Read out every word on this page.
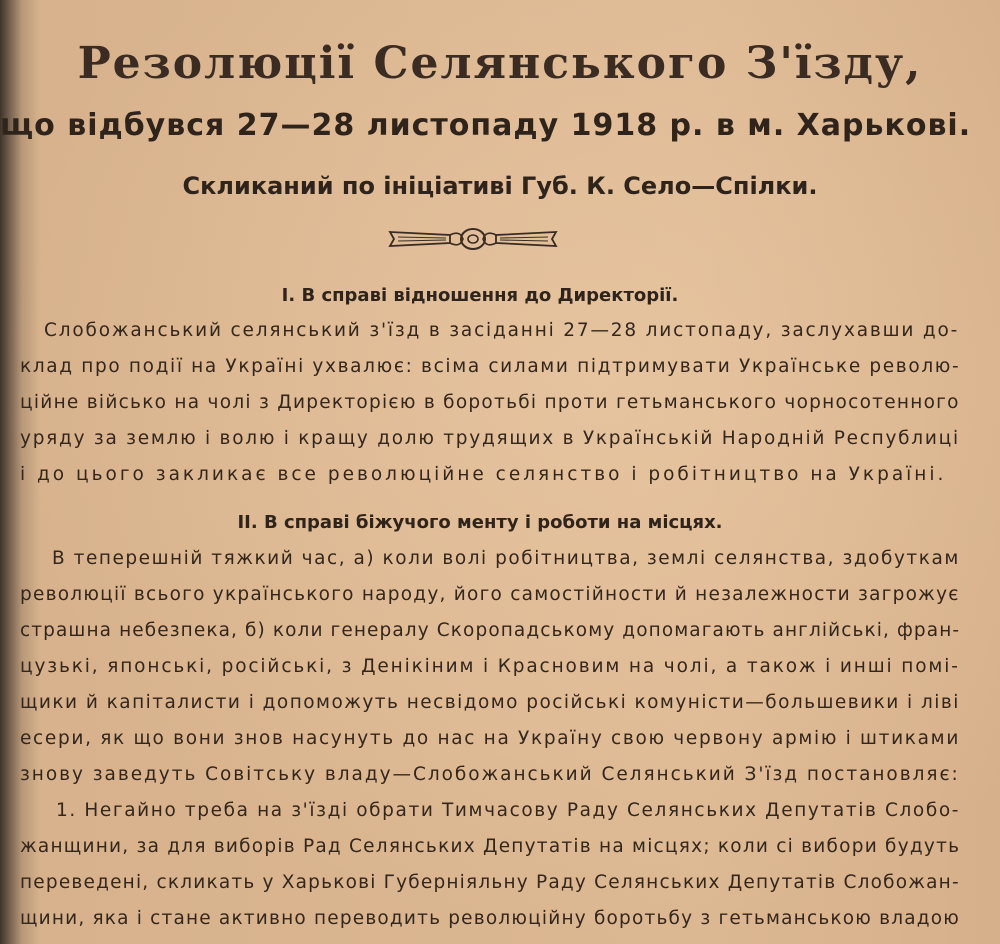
Резолюції Селянського З'їзду,
що відбувся 27—28 листопаду 1918 р. в м. Харькові.
Скликаний по ініціативі Губ. К. Село—Спілки.
I. В справі відношення до Директорії.
Слобожанський селянський з'їзд в засіданні 27—28 листопаду, заслухавши до-
клад про події на Україні ухвалює: всіма силами підтримувати Українське револю-
ційне військо на чолі з Директорією в боротьбі проти гетьманського чорносотенного
уряду за землю і волю і кращу долю трудящих в Українській Народній Республиці
і до цього закликає все революційне селянство і робітництво на Україні.
II. В справі біжучого менту і роботи на місцях.
В теперешній тяжкий час, а) коли волі робітництва, землі селянства, здобуткам
революції всього українського народу, його самостійности й незалежности загрожує
страшна небезпека, б) коли генералу Скоропадському допомагають англійські, фран-
цузькі, японські, російські, з Денікіним і Красновим на чолі, а також і инші помі-
щики й капіталисти і допоможуть несвідомо російські комуністи—большевики і ліві
есери, як що вони знов насунуть до нас на Україну свою червону армію і штиками
знову заведуть Совітську владу—Слобожанський Селянський З'їзд постановляє:
1. Негайно треба на з'їзді обрати Тимчасову Раду Селянських Депутатів Слобо-
жанщини, за для виборів Рад Селянських Депутатів на місцях; коли сі вибори будуть
переведені, скликать у Харькові Губерніяльну Раду Селянських Депутатів Слобожан-
щини, яка і стане активно переводить революційну боротьбу з гетьманською владою
